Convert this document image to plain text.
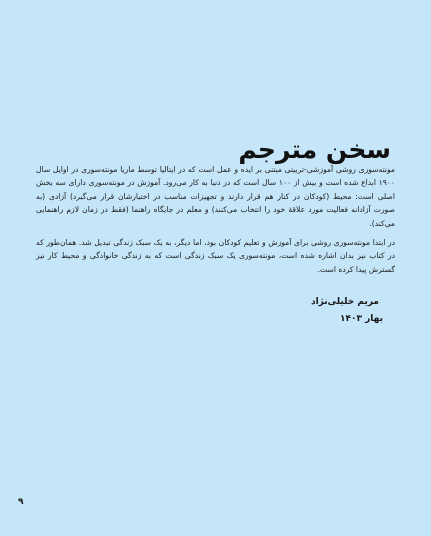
سخن مترجم

مونته‌سوری روشی آموزشی-تربیتی مبتنی بر ایده و عمل است که در ایتالیا توسط ماریا مونته‌سوری در اوایل سال ۱۹۰۰ ابداع شده است و بیش از ۱۰۰ سال است که در دنیا به کار می‌رود. آموزش در مونته‌سوری دارای سه بخش اصلی است: محیط (کودکان در کنار هم قرار دارند و تجهیزات مناسب در اختیارشان قرار می‌گیرد) آزادی (به صورت آزادانه فعالیت مورد علاقهٔ خود را انتخاب می‌کنند) و معلم در جایگاه راهنما (فقط در زمان لازم راهنمایی می‌کند).

در ابتدا مونته‌سوری روشی برای آموزش و تعلیم کودکان بود، اما دیگر، به یک سبک زندگی تبدیل شد. همان‌طور که در کتاب نیز بدان اشاره شده است، مونته‌سوری یک سبک زندگی است که به زندگی خانوادگی و محیط کار نیز گسترش پیدا کرده است.

مریم خلیلی‌نژاد
بهار ۱۴۰۳
۹
